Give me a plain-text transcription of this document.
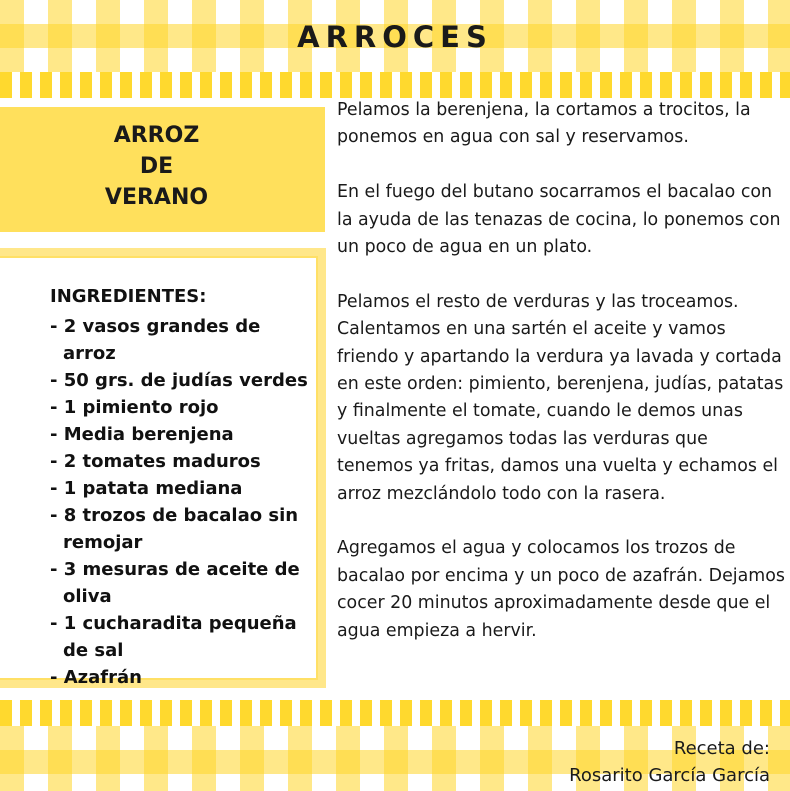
ARROCES
ARROZ
DE
VERANO
INGREDIENTES:
- 2 vasos grandes de arroz
- 50 grs. de judías verdes
- 1 pimiento rojo
- Media berenjena
- 2 tomates maduros
- 1 patata mediana
- 8 trozos de bacalao sin remojar
- 3 mesuras de aceite de oliva
- 1 cucharadita pequeña de sal
- Azafrán

Pelamos la berenjena, la cortamos a trocitos, la ponemos en agua con sal y reservamos.

En el fuego del butano socarramos el bacalao con la ayuda de las tenazas de cocina, lo ponemos con un poco de agua en un plato.

Pelamos el resto de verduras y las troceamos. Calentamos en una sartén el aceite y vamos friendo y apartando la verdura ya lavada y cortada en este orden: pimiento, berenjena, judías, patatas y finalmente el tomate, cuando le demos unas vueltas agregamos todas las verduras que tenemos ya fritas, damos una vuelta y echamos el arroz mezclándolo todo con la rasera.

Agregamos el agua y colocamos los trozos de bacalao por encima y un poco de azafrán. Dejamos cocer 20 minutos aproximadamente desde que el agua empieza a hervir.

Receta de:
Rosarito García García
